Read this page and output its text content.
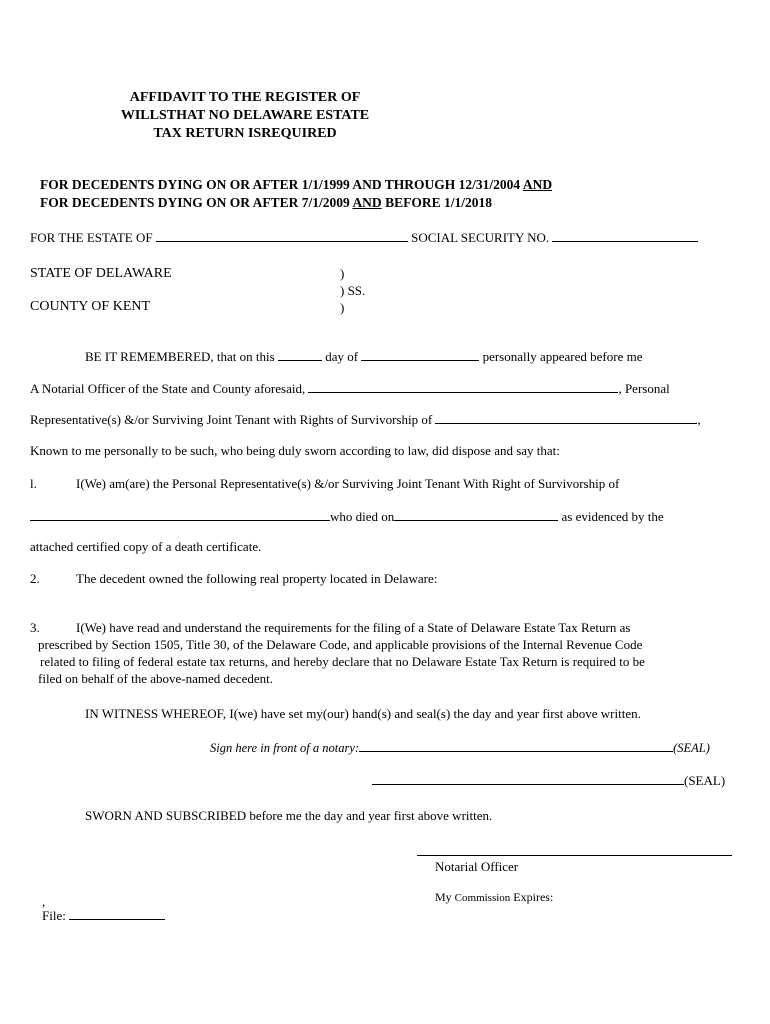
AFFIDAVIT TO THE REGISTER OF
WILLSTHAT NO DELAWARE ESTATE
TAX RETURN ISREQUIRED
FOR DECEDENTS DYING ON OR AFTER 1/1/1999 AND THROUGH 12/31/2004 AND
FOR DECEDENTS DYING ON OR AFTER 7/1/2009 AND BEFORE 1/1/2018
FOR THE ESTATE OF	SOCIAL SECURITY NO.
STATE OF DELAWARE
COUNTY OF KENT
)
) SS.
)
BE IT REMEMBERED, that on this	day of	personally appeared before me
A Notarial Officer of the State and County aforesaid,	, Personal
Representative(s) &/or Surviving Joint Tenant with Rights of Survivorship of	,
Known to me personally to be such, who being duly sworn according to law, did dispose and say that:
l.	I(We) am(are) the Personal Representative(s) &/or Surviving Joint Tenant With Right of Survivorship of
who died on	as evidenced by the
attached certified copy of a death certificate.
2.	The decedent owned the following real property located in Delaware:
3.	I(We) have read and understand the requirements for the filing of a State of Delaware Estate Tax Return as
prescribed by Section 1505, Title 30, of the Delaware Code, and applicable provisions of the Internal Revenue Code
related to filing of federal estate tax returns, and hereby declare that no Delaware Estate Tax Return is required to be
filed on behalf of the above-named decedent.
IN WITNESS WHEREOF, I(we) have set my(our) hand(s) and seal(s) the day and year first above written.
Sign here in front of a notary:	(SEAL)
(SEAL)
SWORN AND SUBSCRIBED before me the day and year first above written.
Notarial Officer
My Commission Expires:
,
File:
